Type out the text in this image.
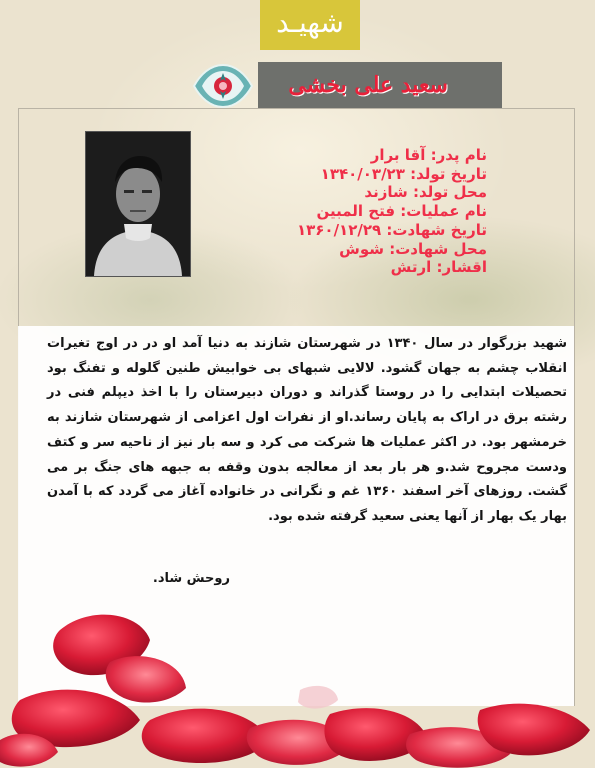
شهیـد
سعید علی بخشی
نام پدر: آقا برار
تاریخ تولد: ۱۳۴۰/۰۳/۲۳
محل تولد: شازند
نام عملیات: فتح المبین
تاریخ شهادت: ۱۳۶۰/۱۲/۲۹
محل شهادت: شوش
اقشار: ارتش
شهید بزرگوار در سال ۱۳۴۰ در شهرستان شازند به دنیا آمد او در در اوج تغیرات انقلاب چشم به جهان گشود. لالایی شبهای بی خوابیش طنین گلوله و تفنگ بود تحصیلات ابتدایی را در روستا گذراند و دوران دبیرستان را با اخذ دیپلم فنی در رشته برق در اراک به پایان رساند.او از نفرات اول اعزامی از شهرستان شازند به خرمشهر بود. در اکثر عملیات ها شرکت می کرد و سه بار نیز از ناحیه سر و کتف ودست مجروح شد.و هر بار بعد از معالجه بدون وقفه به جبهه های جنگ بر می گشت. روزهای آخر اسفند ۱۳۶۰ غم و نگرانی در خانواده آغاز می گردد که با آمدن بهار یک بهار از آنها یعنی سعید گرفته شده بود.
روحش شاد.
